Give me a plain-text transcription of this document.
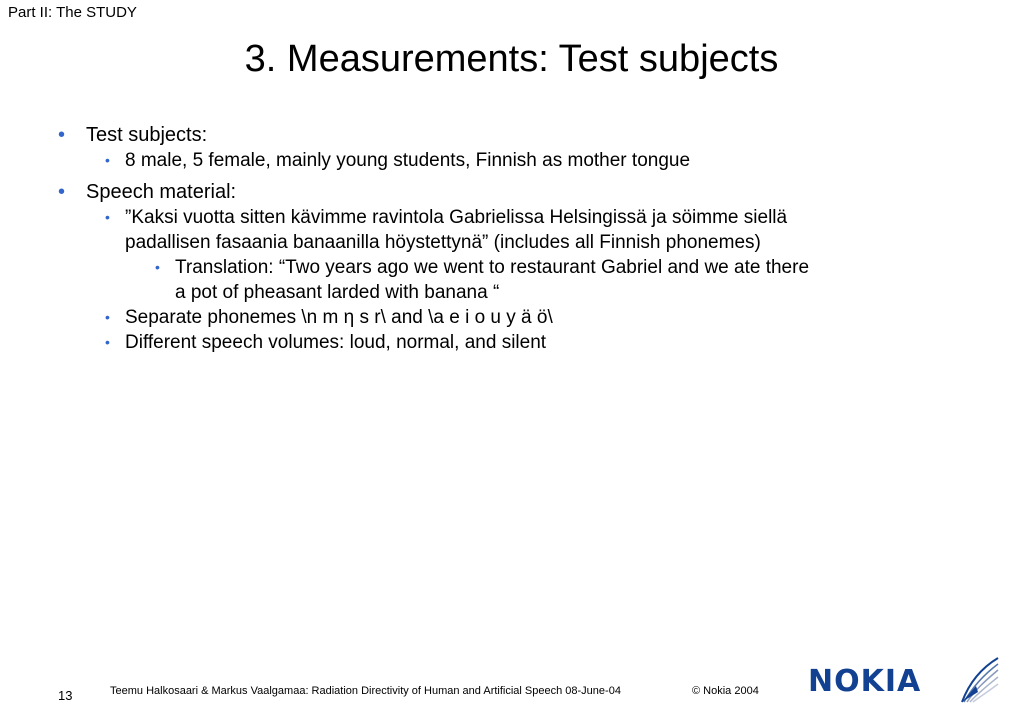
Part II: The STUDY
3. Measurements: Test subjects
• Test subjects:
• 8 male, 5 female, mainly young students, Finnish as mother tongue
• Speech material:
• ”Kaksi vuotta sitten kävimme ravintola Gabrielissa Helsingissä ja söimme siellä
padallisen fasaania banaanilla höystettynä” (includes all Finnish phonemes)
• Translation: “Two years ago we went to restaurant Gabriel and we ate there
a pot of pheasant larded with banana “
• Separate phonemes \n m η s r\ and \a e i o u y ä ö\
• Different speech volumes: loud, normal, and silent
13	Teemu Halkosaari & Markus Vaalgamaa: Radiation Directivity of Human and Artificial Speech 08-June-04	© Nokia 2004 NOKIA
